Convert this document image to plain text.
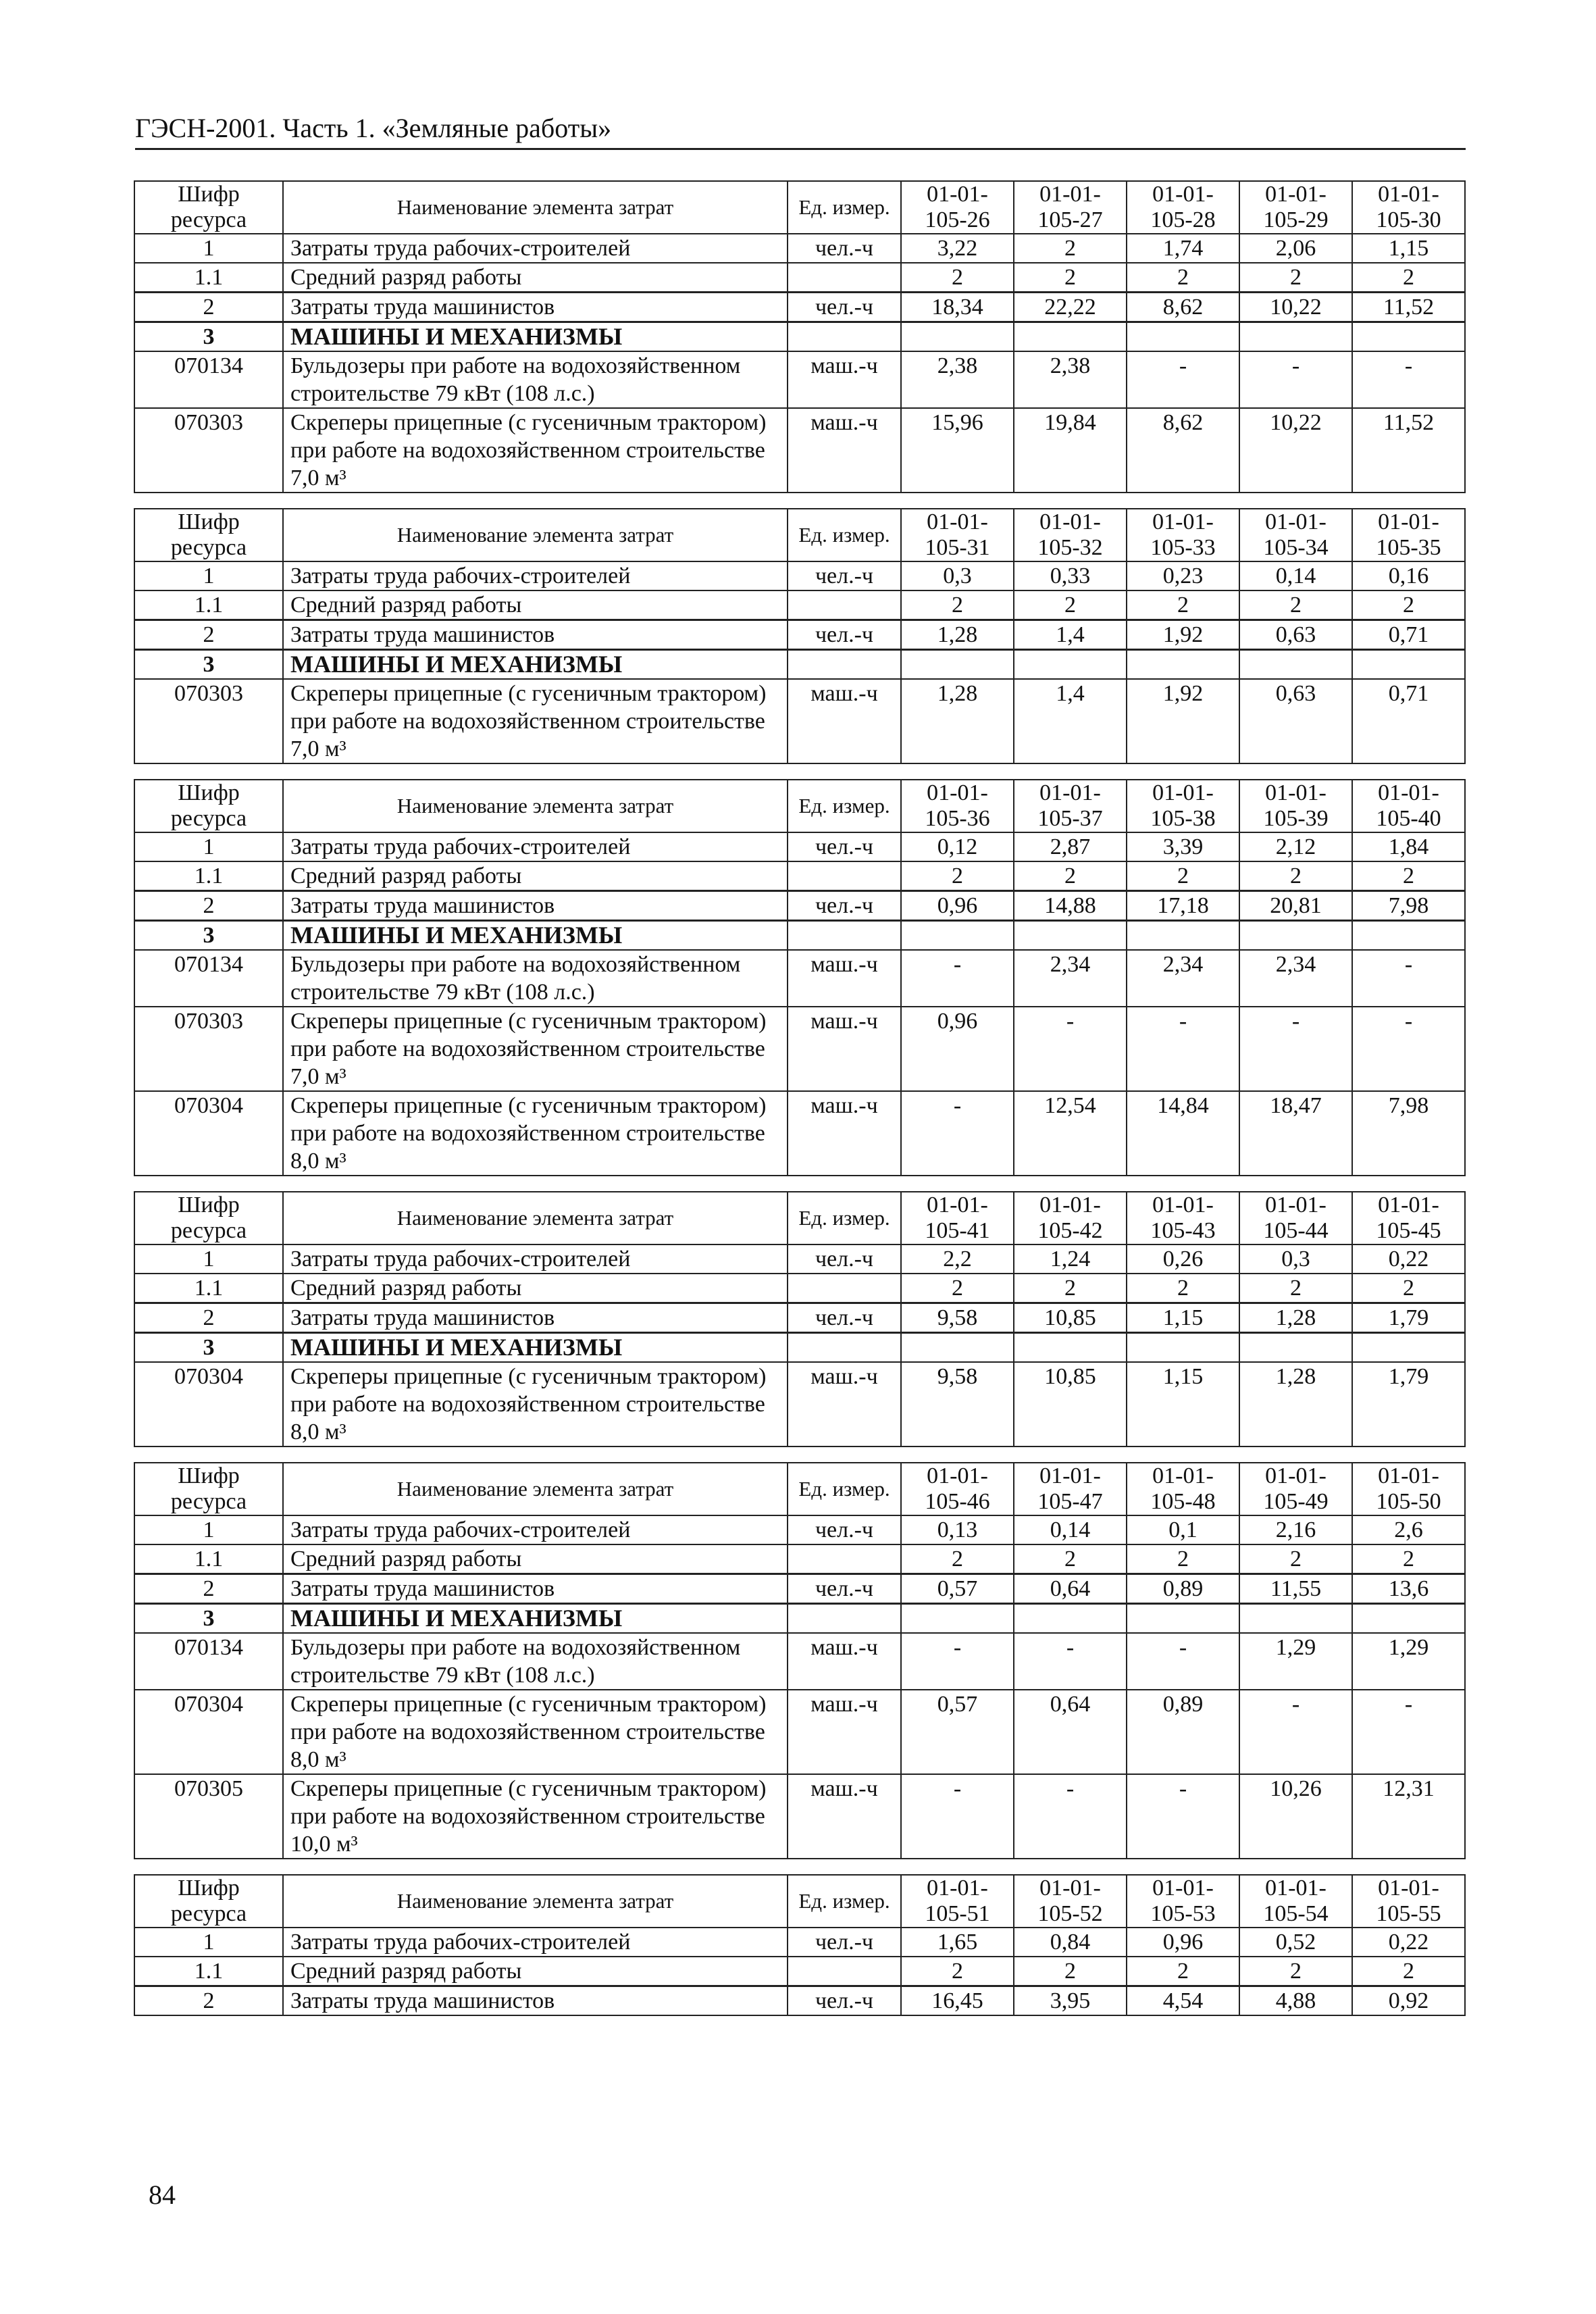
ГЭСН-2001. Часть 1. «Земляные работы»
Шифр ресурса	Наименование элемента затрат	Ед. измер.	01-01-105-26	01-01-105-27	01-01-105-28	01-01-105-29	01-01-105-30
1	Затраты труда рабочих-строителей	чел.-ч	3,22	2	1,74	2,06	1,15
1.1	Средний разряд работы		2	2	2	2	2
2	Затраты труда машинистов	чел.-ч	18,34	22,22	8,62	10,22	11,52
3	МАШИНЫ И МЕХАНИЗМЫ						
070134	Бульдозеры при работе на водохозяйственном строительстве 79 кВт (108 л.с.)	маш.-ч	2,38	2,38	-	-	-
070303	Скреперы прицепные (с гусеничным трактором) при работе на водохозяйственном строительстве 7,0 м³	маш.-ч	15,96	19,84	8,62	10,22	11,52
Шифр ресурса	Наименование элемента затрат	Ед. измер.	01-01-105-31	01-01-105-32	01-01-105-33	01-01-105-34	01-01-105-35
1	Затраты труда рабочих-строителей	чел.-ч	0,3	0,33	0,23	0,14	0,16
1.1	Средний разряд работы		2	2	2	2	2
2	Затраты труда машинистов	чел.-ч	1,28	1,4	1,92	0,63	0,71
3	МАШИНЫ И МЕХАНИЗМЫ						
070303	Скреперы прицепные (с гусеничным трактором) при работе на водохозяйственном строительстве 7,0 м³	маш.-ч	1,28	1,4	1,92	0,63	0,71
Шифр ресурса	Наименование элемента затрат	Ед. измер.	01-01-105-36	01-01-105-37	01-01-105-38	01-01-105-39	01-01-105-40
1	Затраты труда рабочих-строителей	чел.-ч	0,12	2,87	3,39	2,12	1,84
1.1	Средний разряд работы		2	2	2	2	2
2	Затраты труда машинистов	чел.-ч	0,96	14,88	17,18	20,81	7,98
3	МАШИНЫ И МЕХАНИЗМЫ						
070134	Бульдозеры при работе на водохозяйственном строительстве 79 кВт (108 л.с.)	маш.-ч	-	2,34	2,34	2,34	-
070303	Скреперы прицепные (с гусеничным трактором) при работе на водохозяйственном строительстве 7,0 м³	маш.-ч	0,96	-	-	-	-
070304	Скреперы прицепные (с гусеничным трактором) при работе на водохозяйственном строительстве 8,0 м³	маш.-ч	-	12,54	14,84	18,47	7,98
Шифр ресурса	Наименование элемента затрат	Ед. измер.	01-01-105-41	01-01-105-42	01-01-105-43	01-01-105-44	01-01-105-45
1	Затраты труда рабочих-строителей	чел.-ч	2,2	1,24	0,26	0,3	0,22
1.1	Средний разряд работы		2	2	2	2	2
2	Затраты труда машинистов	чел.-ч	9,58	10,85	1,15	1,28	1,79
3	МАШИНЫ И МЕХАНИЗМЫ						
070304	Скреперы прицепные (с гусеничным трактором) при работе на водохозяйственном строительстве 8,0 м³	маш.-ч	9,58	10,85	1,15	1,28	1,79
Шифр ресурса	Наименование элемента затрат	Ед. измер.	01-01-105-46	01-01-105-47	01-01-105-48	01-01-105-49	01-01-105-50
1	Затраты труда рабочих-строителей	чел.-ч	0,13	0,14	0,1	2,16	2,6
1.1	Средний разряд работы		2	2	2	2	2
2	Затраты труда машинистов	чел.-ч	0,57	0,64	0,89	11,55	13,6
3	МАШИНЫ И МЕХАНИЗМЫ						
070134	Бульдозеры при работе на водохозяйственном строительстве 79 кВт (108 л.с.)	маш.-ч	-	-	-	1,29	1,29
070304	Скреперы прицепные (с гусеничным трактором) при работе на водохозяйственном строительстве 8,0 м³	маш.-ч	0,57	0,64	0,89	-	-
070305	Скреперы прицепные (с гусеничным трактором) при работе на водохозяйственном строительстве 10,0 м³	маш.-ч	-	-	-	10,26	12,31
Шифр ресурса	Наименование элемента затрат	Ед. измер.	01-01-105-51	01-01-105-52	01-01-105-53	01-01-105-54	01-01-105-55
1	Затраты труда рабочих-строителей	чел.-ч	1,65	0,84	0,96	0,52	0,22
1.1	Средний разряд работы		2	2	2	2	2
2	Затраты труда машинистов	чел.-ч	16,45	3,95	4,54	4,88	0,92
84
